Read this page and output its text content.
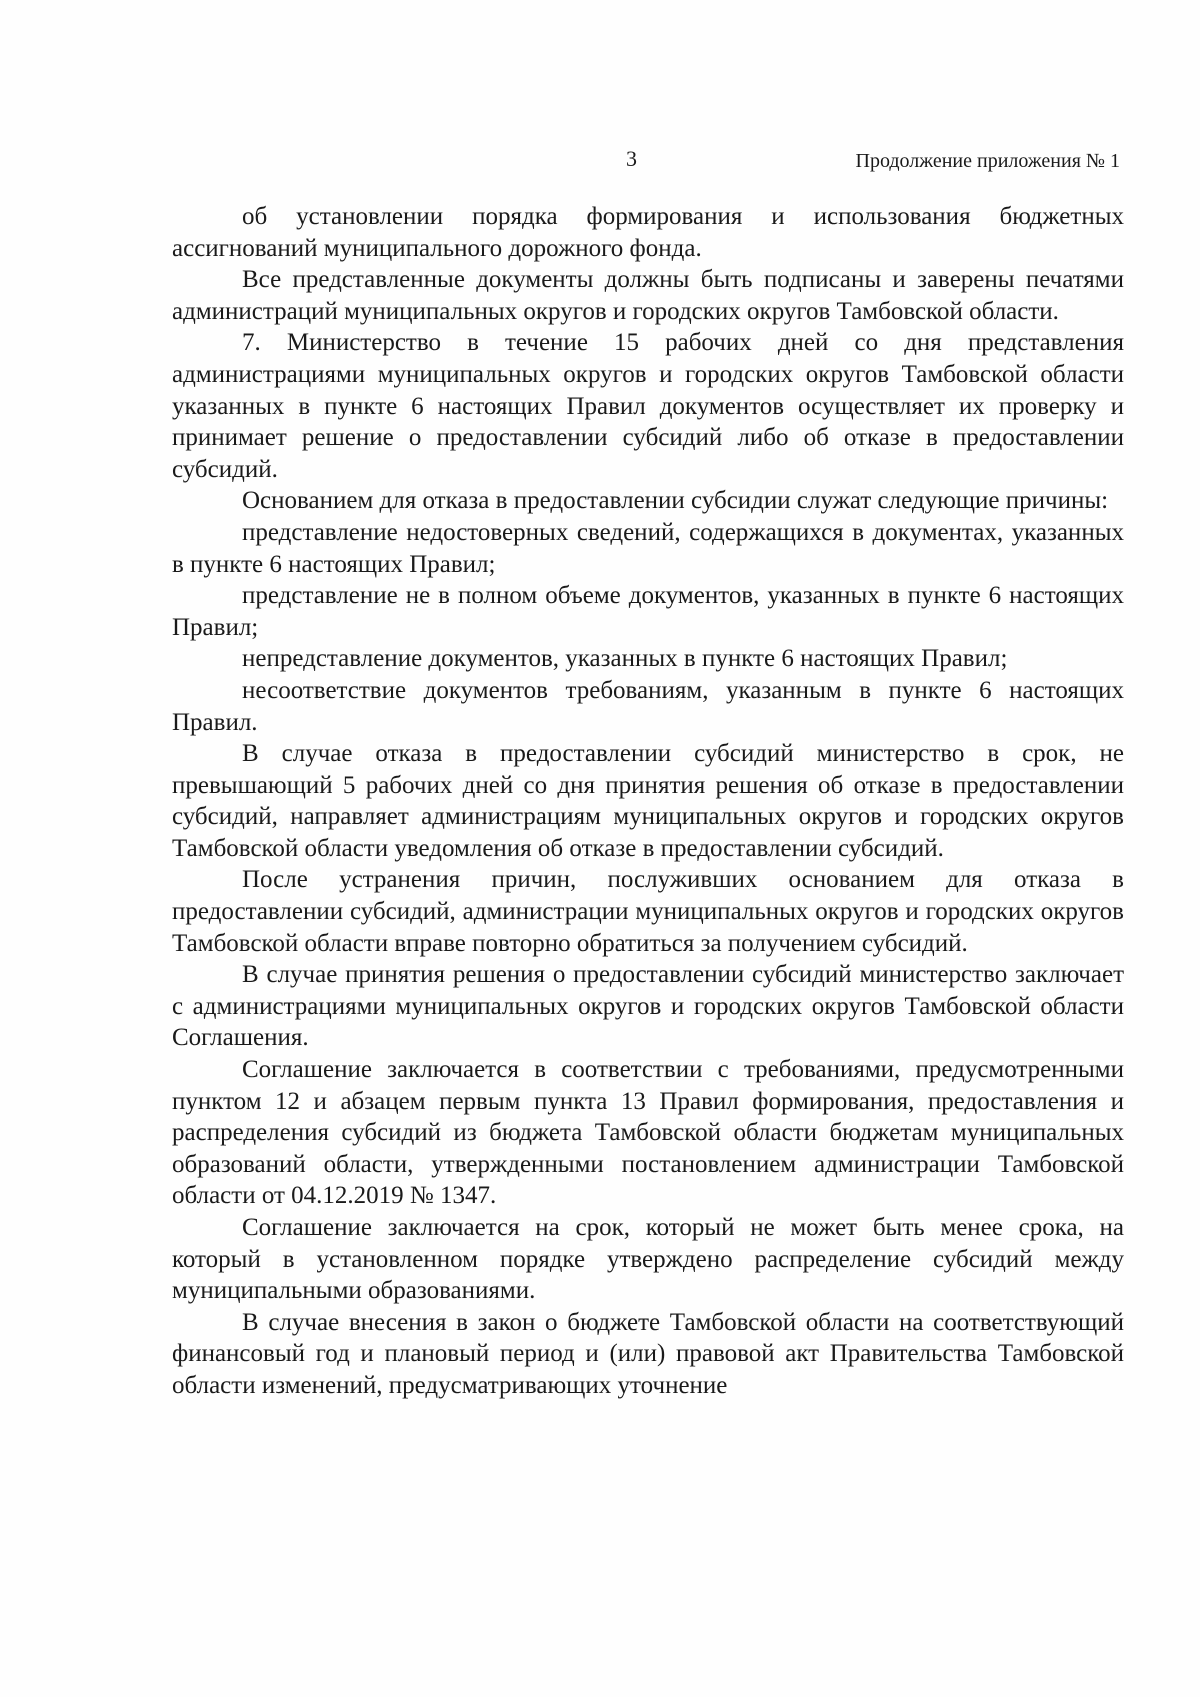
3	Продолжение приложения № 1

об установлении порядка формирования и использования бюджетных ассигнований муниципального дорожного фонда.

Все представленные документы должны быть подписаны и заверены печатями администраций муниципальных округов и городских округов Тамбовской области.

7. Министерство в течение 15 рабочих дней со дня представления администрациями муниципальных округов и городских округов Тамбовской области указанных в пункте 6 настоящих Правил документов осуществляет их проверку и принимает решение о предоставлении субсидий либо об отказе в предоставлении субсидий.

Основанием для отказа в предоставлении субсидии служат следующие причины:

представление недостоверных сведений, содержащихся в документах, указанных в пункте 6 настоящих Правил;

представление не в полном объеме документов, указанных в пункте 6 настоящих Правил;

непредставление документов, указанных в пункте 6 настоящих Правил;

несоответствие документов требованиям, указанным в пункте 6 настоящих Правил.

В случае отказа в предоставлении субсидий министерство в срок, не превышающий 5 рабочих дней со дня принятия решения об отказе в предоставлении субсидий, направляет администрациям муниципальных округов и городских округов Тамбовской области уведомления об отказе в предоставлении субсидий.

После устранения причин, послуживших основанием для отказа в предоставлении субсидий, администрации муниципальных округов и городских округов Тамбовской области вправе повторно обратиться за получением субсидий.

В случае принятия решения о предоставлении субсидий министерство заключает с администрациями муниципальных округов и городских округов Тамбовской области Соглашения.

Соглашение заключается в соответствии с требованиями, предусмотренными пунктом 12 и абзацем первым пункта 13 Правил формирования, предоставления и распределения субсидий из бюджета Тамбовской области бюджетам муниципальных образований области, утвержденными постановлением администрации Тамбовской области от 04.12.2019 № 1347.

Соглашение заключается на срок, который не может быть менее срока, на который в установленном порядке утверждено распределение субсидий между муниципальными образованиями.

В случае внесения в закон о бюджете Тамбовской области на соответствующий финансовый год и плановый период и (или) правовой акт Правительства Тамбовской области изменений, предусматривающих уточнение
